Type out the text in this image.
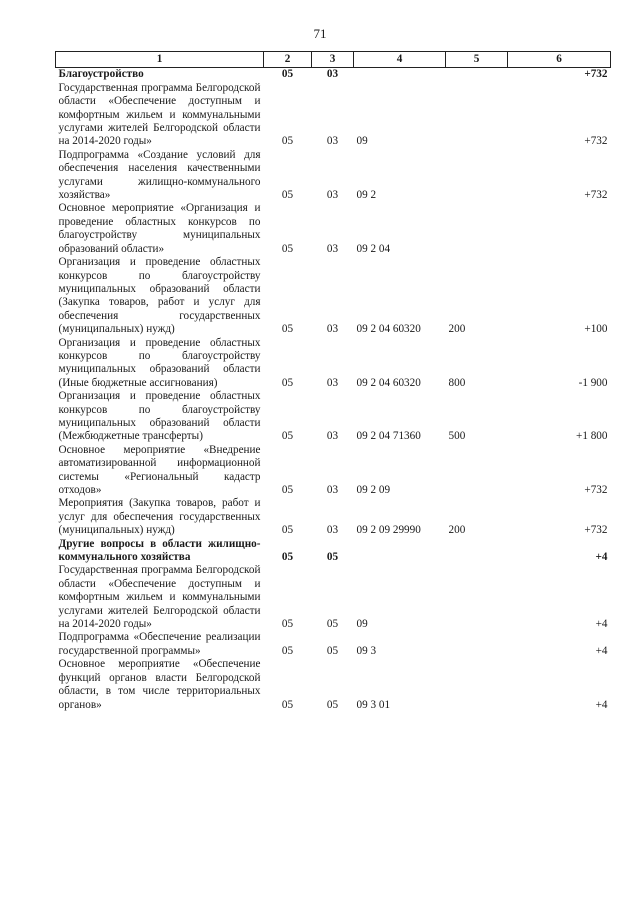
71
1	2	3	4	5	6
Благоустройство	05	03			+732
Государственная программа Белгородской области «Обеспечение доступным и комфортным жильем и коммунальными услугами жителей Белгородской области на 2014-2020 годы»	05	03	09		+732
Подпрограмма «Создание условий для обеспечения населения качественными услугами жилищно-коммунального хозяйства»	05	03	09 2		+732
Основное мероприятие «Организация и проведение областных конкурсов по благоустройству муниципальных образований области»	05	03	09 2 04		
Организация и проведение областных конкурсов по благоустройству муниципальных образований области (Закупка товаров, работ и услуг для обеспечения государственных (муниципальных) нужд)	05	03	09 2 04 60320	200	+100
Организация и проведение областных конкурсов по благоустройству муниципальных образований области (Иные бюджетные ассигнования)	05	03	09 2 04 60320	800	-1 900
Организация и проведение областных конкурсов по благоустройству муниципальных образований области (Межбюджетные трансферты)	05	03	09 2 04 71360	500	+1 800
Основное мероприятие «Внедрение автоматизированной информационной системы «Региональный кадастр отходов»	05	03	09 2 09		+732
Мероприятия (Закупка товаров, работ и услуг для обеспечения государственных (муниципальных) нужд)	05	03	09 2 09 29990	200	+732
Другие вопросы в области жилищно-коммунального хозяйства	05	05			+4
Государственная программа Белгородской области «Обеспечение доступным и комфортным жильем и коммунальными услугами жителей Белгородской области на 2014-2020 годы»	05	05	09		+4
Подпрограмма «Обеспечение реализации государственной программы»	05	05	09 3		+4
Основное мероприятие «Обеспечение функций органов власти Белгородской области, в том числе территориальных органов»	05	05	09 3 01		+4
